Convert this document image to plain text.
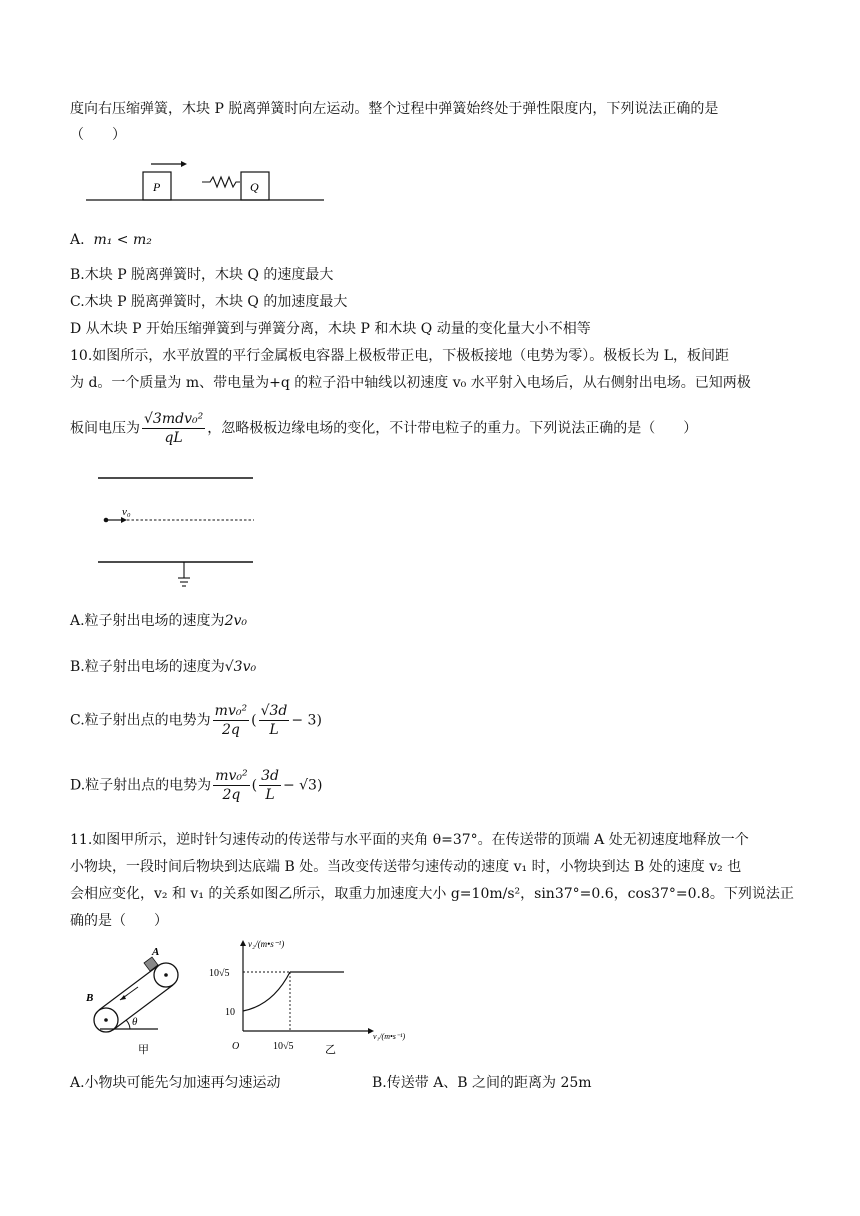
度向右压缩弹簧，木块 P 脱离弹簧时向左运动。整个过程中弹簧始终处于弹性限度内，下列说法正确的是
（　　）
P	Q
A. m₁ < m₂
B.木块 P 脱离弹簧时，木块 Q 的速度最大
C.木块 P 脱离弹簧时，木块 Q 的加速度最大
D 从木块 P 开始压缩弹簧到与弹簧分离，木块 P 和木块 Q 动量的变化量大小不相等
10.如图所示，水平放置的平行金属板电容器上极板带正电，下极板接地（电势为零）。极板长为 L，板间距
为 d。一个质量为 m、带电量为+q 的粒子沿中轴线以初速度 v₀ 水平射入电场后，从右侧射出电场。已知两极
板间电压为 $\frac{\text{√3mdv₀²}}{qL}$ ，忽略极板边缘电场的变化，不计带电粒子的重力。下列说法正确的是（　　）
v₀
A.粒子射出电场的速度为2v₀
B.粒子射出电场的速度为√3v₀
C.粒子射出点的电势为 $\frac{\text{mv₀²}}{2q}$ ( $\frac{√3d}{L} - 3$)
D.粒子射出点的电势为 $\frac{\text{mv₀²}}{2q}$ ( $\frac{3d}{L} - √3$)
11.如图甲所示，逆时针匀速传动的传送带与水平面的夹角 θ=37°。在传送带的顶端 A 处无初速度地释放一个
小物块，一段时间后物块到达底端 B 处。当改变传送带匀速传动的速度 v₁ 时，小物块到达 B 处的速度 v₂ 也
会相应变化，v₂ 和 v₁ 的关系如图乙所示，取重力加速度大小 g=10m/s²，sin37°=0.6，cos37°=0.8。下列说法正
确的是（　　）
A
B
θ
甲
v₂/(m•s⁻¹)
v₁/(m•s⁻¹)
10√5
10
O	10√5	乙
A.小物块可能先匀加速再匀速运动	B.传送带 A、B 之间的距离为 25m
